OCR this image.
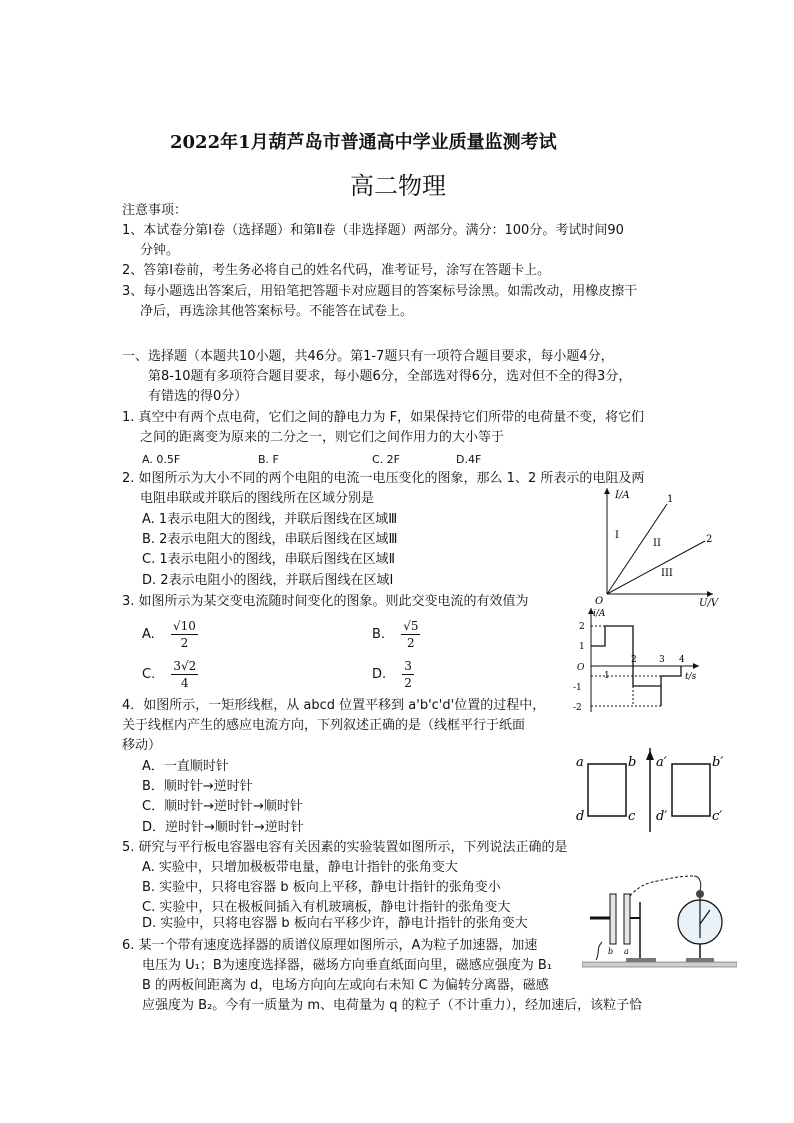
2022年1月葫芦岛市普通高中学业质量监测考试
高二物理
注意事项：
1、本试卷分第Ⅰ卷（选择题）和第Ⅱ卷（非选择题）两部分。满分：100分。考试时间90
分钟。
2、答第Ⅰ卷前，考生务必将自己的姓名代码，准考证号，涂写在答题卡上。
3、每小题选出答案后，用铅笔把答题卡对应题目的答案标号涂黑。如需改动，用橡皮擦干
净后，再选涂其他答案标号。不能答在试卷上。
一、选择题（本题共10小题，共46分。第1-7题只有一项符合题目要求，每小题4分，
第8-10题有多项符合题目要求，每小题6分，全部选对得6分，选对但不全的得3分，
有错选的得0分）
1. 真空中有两个点电荷，它们之间的静电力为 F，如果保持它们所带的电荷量不变，将它们
之间的距离变为原来的二分之一，则它们之间作用力的大小等于
A. 0.5F	B. F	C. 2F	D.4F
2. 如图所示为大小不同的两个电阻的电流一电压变化的图象，那么 1、2 所表示的电阻及两
电阻串联或并联后的图线所在区域分别是
A. 1表示电阻大的图线，并联后图线在区域Ⅲ
B. 2表示电阻大的图线，串联后图线在区域Ⅲ
C. 1表示电阻小的图线，串联后图线在区域Ⅱ
D. 2表示电阻小的图线，并联后图线在区域Ⅰ
I/A
U/V
O
1
2
I
II
III
3. 如图所示为某交变电流随时间变化的图象。则此交变电流的有效值为
A. $\frac{√10}{2}$	B. $\frac{√5}{2}$
C. $\frac{3√2}{4}$	D. $\frac{3}{2}$
i/A
t/s
O
2
1
-1
-2
1
2 3 4
4．如图所示，一矩形线框，从 abcd 位置平移到 a'b'c'd'位置的过程中，
关于线框内产生的感应电流方向，下列叙述正确的是（线框平行于纸面
移动）
A．一直顺时针
B．顺时针→逆时针
C．顺时针→逆时针→顺时针
D．逆时针→顺时针→逆时针
a	b
c
d
a′	b′
c′
d′
5. 研究与平行板电容器电容有关因素的实验装置如图所示，下列说法正确的是
A. 实验中，只增加极板带电量，静电计指针的张角变大
B. 实验中，只将电容器 b 板向上平移，静电计指针的张角变小
C. 实验中，只在极板间插入有机玻璃板，静电计指针的张角变大
D. 实验中，只将电容器 b 板向右平移少许，静电计指针的张角变大
b a
6. 某一个带有速度选择器的质谱仪原理如图所示，A为粒子加速器，加速
电压为 U₁；B为速度选择器，磁场方向垂直纸面向里，磁感应强度为 B₁
B 的两板间距离为 d，电场方向向左或向右未知 C 为偏转分离器，磁感
应强度为 B₂。今有一质量为 m、电荷量为 q 的粒子（不计重力），经加速后，该粒子恰
